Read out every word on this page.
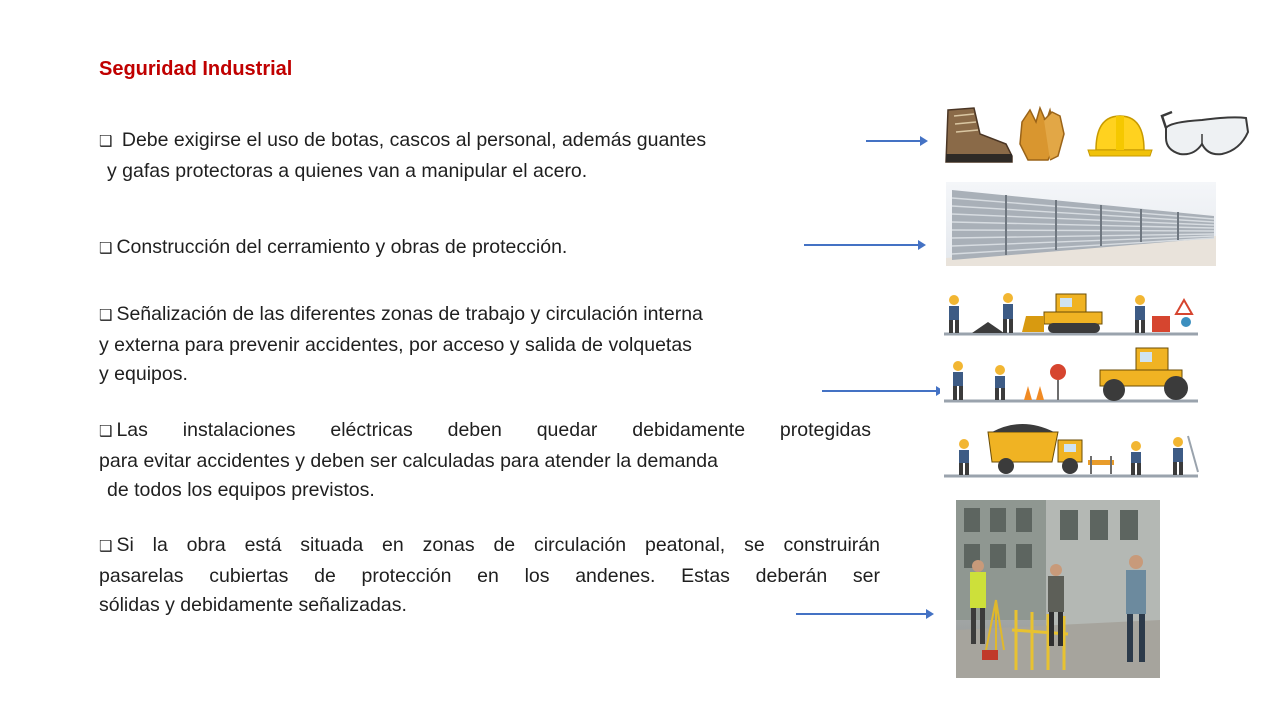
Seguridad Industrial
❑ Debe exigirse el uso de botas, cascos al personal, además guantes
y gafas protectoras a quienes van a manipular el acero.
❑ Construcción del cerramiento y obras de protección.
❑ Señalización de las diferentes zonas de trabajo y circulación interna
y externa para prevenir accidentes, por acceso y salida de volquetas
y equipos.
❑ Las instalaciones eléctricas deben quedar debidamente protegidas
para evitar accidentes y deben ser calculadas para atender la demanda
de todos los equipos previstos.
❑ Si la obra está situada en zonas de circulación peatonal, se construirán
pasarelas cubiertas de protección en los andenes. Estas deberán ser
sólidas y debidamente señalizadas.
